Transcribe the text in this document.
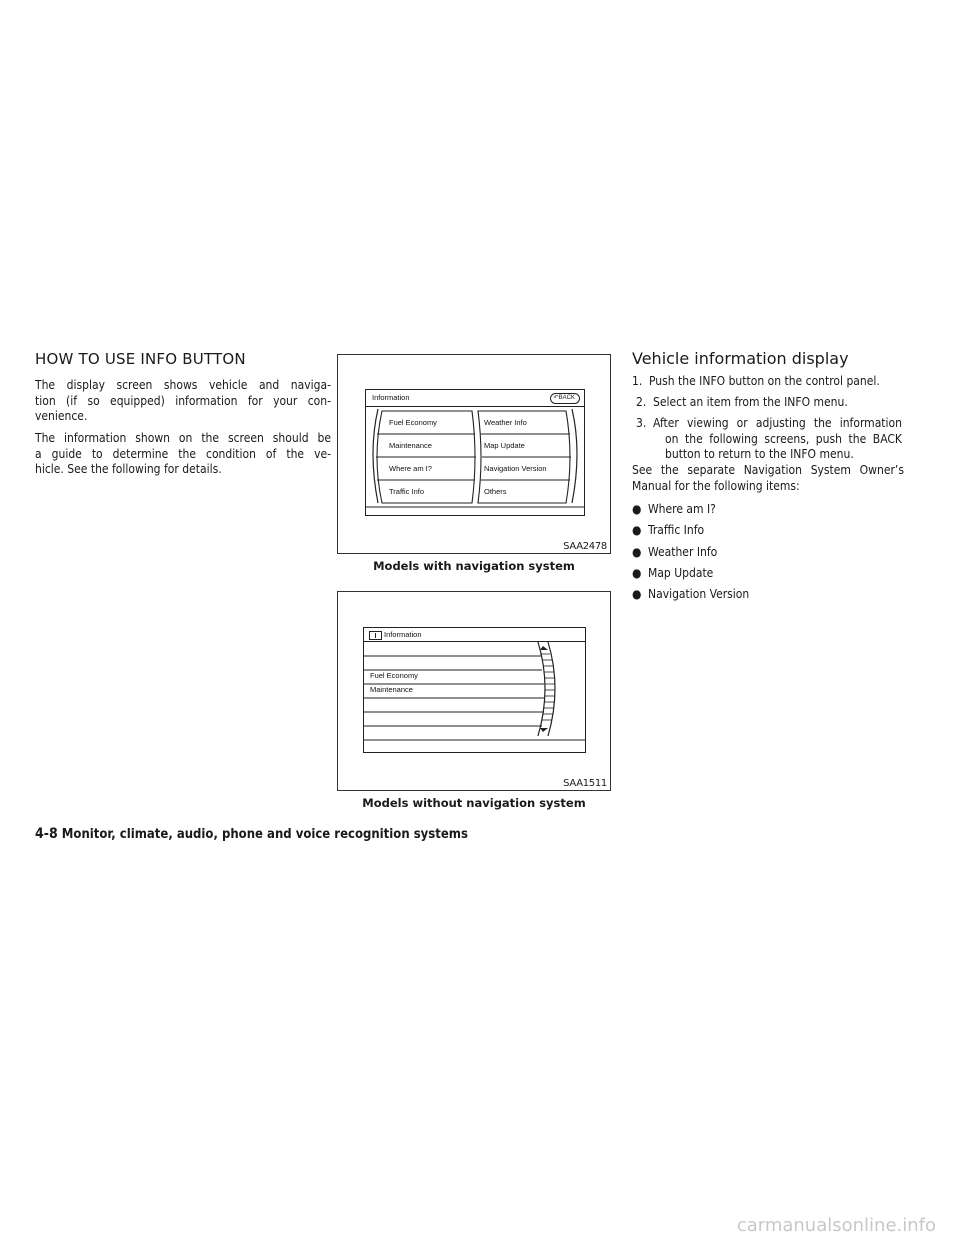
HOW TO USE INFO BUTTON

The display screen shows vehicle and naviga-
tion (if so equipped) information for your con-
venience.

The information shown on the screen should be
a guide to determine the condition of the ve-
hicle. See the following for details.

Information	↶BACK
Fuel Economy
Maintenance
Where am I?
Traffic Info
Weather Info
Map Update
Navigation Version
Others
SAA2478
Models with navigation system
Information
Fuel Economy
Maintenance
SAA1511
Models without navigation system
Vehicle information display
1. Push the INFO button on the control panel.
2. Select an item from the INFO menu.
3. After viewing or adjusting the information
on the following screens, push the BACK
button to return to the INFO menu.

See the separate Navigation System Owner’s
Manual for the following items:

● Where am I?
● Traffic Info
● Weather Info
● Map Update
● Navigation Version
4-8 Monitor, climate, audio, phone and voice recognition systems
carmanualsonline.info
